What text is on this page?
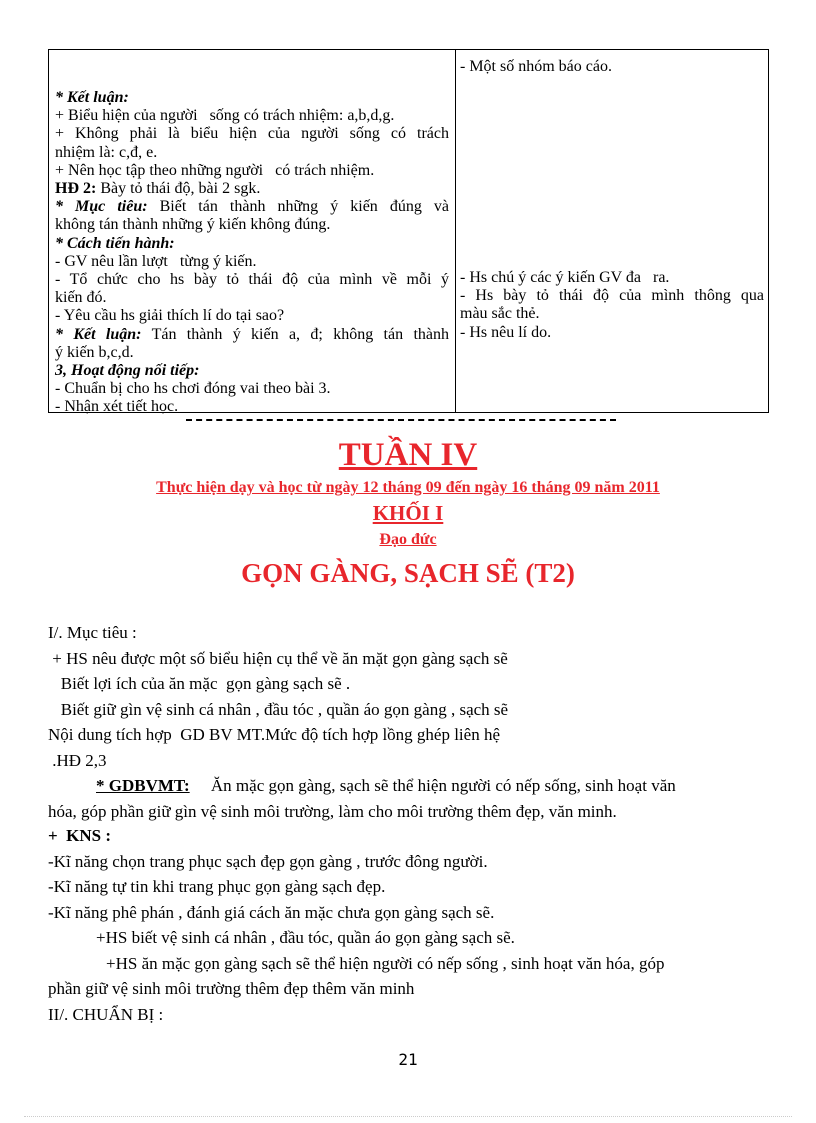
* Kết luận:
+ Biểu hiện của người   sống có trách nhiệm: a,b,d,g.
+ Không phải là biểu hiện của người sống có trách
nhiệm là: c,đ, e.
+ Nên học tập theo những người   có trách nhiệm.
HĐ 2: Bày tỏ thái độ, bài 2 sgk.
* Mục tiêu: Biết tán thành những ý kiến đúng và
không tán thành những ý kiến không đúng.
* Cách tiến hành:
- GV nêu lần lượt   từng ý kiến.
- Tổ chức cho hs bày tỏ thái độ của mình về mỗi ý
kiến đó.
- Yêu cầu hs giải thích lí do tại sao?
* Kết luận: Tán thành ý kiến a, đ; không tán thành
ý kiến b,c,d.
3, Hoạt động nối tiếp:
- Chuẩn bị cho hs chơi đóng vai theo bài 3.
- Nhận xét tiết học.
- Một số nhóm báo cáo.
- Hs chú ý các ý kiến GV đa   ra.
- Hs bày tỏ thái độ của mình thông qua
màu sắc thẻ.
- Hs nêu lí do.
TUẦN IV
Thực hiện dạy và học từ ngày 12 tháng 09 đến ngày 16 tháng 09 năm 2011
KHỐI I
Đạo đức
GỌN GÀNG, SẠCH SẼ (T2)
I/. Mục tiêu :
+ HS nêu được một số biểu hiện cụ thể về ăn mặt gọn gàng sạch sẽ
Biết lợi ích của ăn mặc  gọn gàng sạch sẽ .
Biết giữ gìn vệ sinh cá nhân , đầu tóc , quần áo gọn gàng , sạch sẽ
Nội dung tích hợp  GD BV MT.Mức độ tích hợp lồng ghép liên hệ
.HĐ 2,3
* GDBVMT:     Ăn mặc gọn gàng, sạch sẽ thể hiện người có nếp sống, sinh hoạt văn
hóa, góp phần giữ gìn vệ sinh môi trường, làm cho môi trường thêm đẹp, văn minh.
+  KNS :
-Kĩ năng chọn trang phục sạch đẹp gọn gàng , trước đông người.
-Kĩ năng tự tin khi trang phục gọn gàng sạch đẹp.
-Kĩ năng phê phán , đánh giá cách ăn mặc chưa gọn gàng sạch sẽ.
+HS biết vệ sinh cá nhân , đầu tóc, quần áo gọn gàng sạch sẽ.
+HS ăn mặc gọn gàng sạch sẽ thể hiện người có nếp sống , sinh hoạt văn hóa, góp
phần giữ vệ sinh môi trường thêm đẹp thêm văn minh
II/. CHUẨN BỊ :
21
